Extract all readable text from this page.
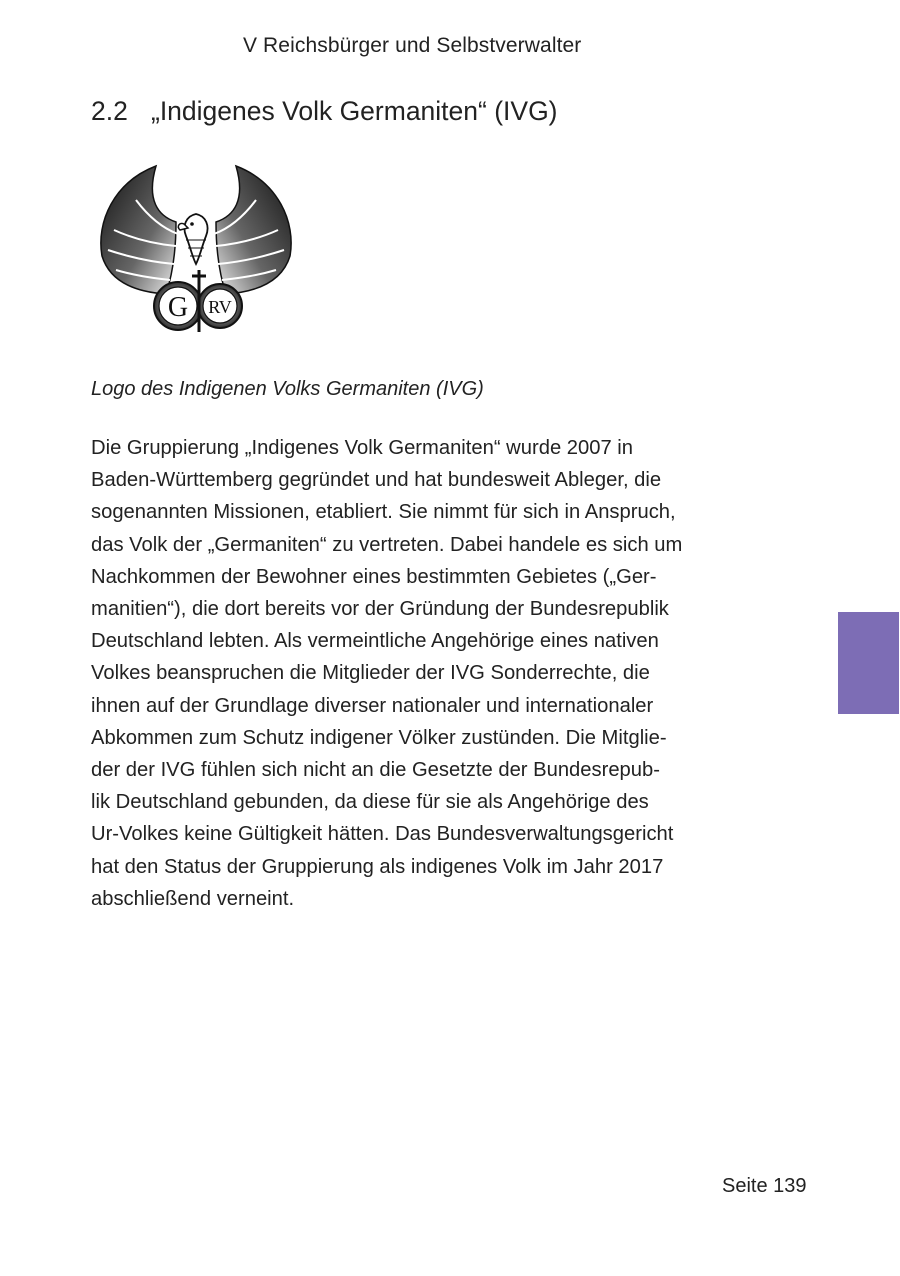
V Reichsbürger und Selbstverwalter
2.2 „Indigenes Volk Germaniten“ (IVG)
G RV

Logo des Indigenen Volks Germaniten (IVG)

Die Gruppierung „Indigenes Volk Germaniten“ wurde 2007 in
Baden-Württemberg gegründet und hat bundesweit Ableger, die
sogenannten Missionen, etabliert. Sie nimmt für sich in Anspruch,
das Volk der „Germaniten“ zu vertreten. Dabei handele es sich um
Nachkommen der Bewohner eines bestimmten Gebietes („Ger-
manitien“), die dort bereits vor der Gründung der Bundesrepublik
Deutschland lebten. Als vermeintliche Angehörige eines nativen
Volkes beanspruchen die Mitglieder der IVG Sonderrechte, die
ihnen auf der Grundlage diverser nationaler und internationaler
Abkommen zum Schutz indigener Völker zustünden. Die Mitglie-
der der IVG fühlen sich nicht an die Gesetzte der Bundesrepub-
lik Deutschland gebunden, da diese für sie als Angehörige des
Ur-Volkes keine Gültigkeit hätten. Das Bundesverwaltungsgericht
hat den Status der Gruppierung als indigenes Volk im Jahr 2017
abschließend verneint.

Seite 139
